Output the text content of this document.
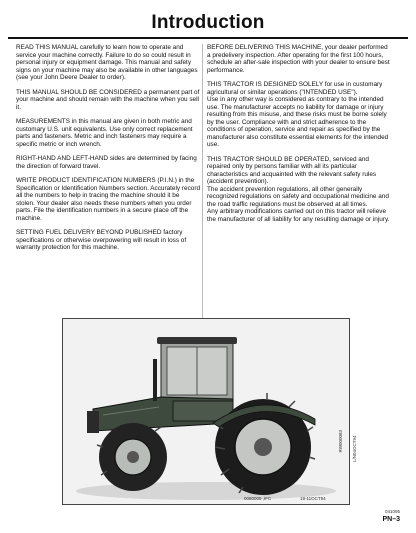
Introduction

READ THIS MANUAL carefully to learn how to operate and service your machine correctly. Failure to do so could result in personal injury or equipment damage. This manual and safety signs on your machine may also be available in other languages (see your John Deere Dealer to order).

THIS MANUAL SHOULD BE CONSIDERED a permanent part of your machine and should remain with the machine when you sell it.

MEASUREMENTS in this manual are given in both metric and customary U.S. unit equivalents. Use only correct replacement parts and fasteners. Metric and inch fasteners may require a specific metric or inch wrench.

RIGHT-HAND AND LEFT-HAND sides are determined by facing the direction of forward travel.

WRITE PRODUCT IDENTIFICATION NUMBERS (P.I.N.) in the Specification or Identification Numbers section. Accurately record all the numbers to help in tracing the machine should it be stolen. Your dealer also needs these numbers when you order parts. File the identification numbers in a secure place off the machine.

SETTING FUEL DELIVERY BEYOND PUBLISHED factory specifications or otherwise overpowering will result in loss of warranty protection for this machine.

BEFORE DELIVERING THIS MACHINE, your dealer performed a predelivery inspection. After operating for the first 100 hours, schedule an after-sale inspection with your dealer to ensure best performance.

THIS TRACTOR IS DESIGNED SOLELY for use in customary agricultural or similar operations ("INTENDED USE").
Use in any other way is considered as contrary to the intended use. The manufacturer accepts no liability for damage or injury resulting from this misuse, and these risks must be borne solely by the user. Compliance with and strict adherence to the conditions of operation, service and repair as specified by the manufacturer also constitute essential elements for the intended use.

THIS TRACTOR SHOULD BE OPERATED, serviced and repaired only by persons familiar with all its particular characteristics and acquainted with the relevant safety rules (accident prevention).
The accident prevention regulations, all other generally recognized regulations on safety and occupational medicine and the road traffic regulations must be observed at all times.
Any arbitrary modifications carried out on this tractor will relieve the manufacturer of all liability for any resulting damage or injury.

L/N04OCT94
RW000083
0080005 ,IFC	19-11OCT94
041095
PN–3
